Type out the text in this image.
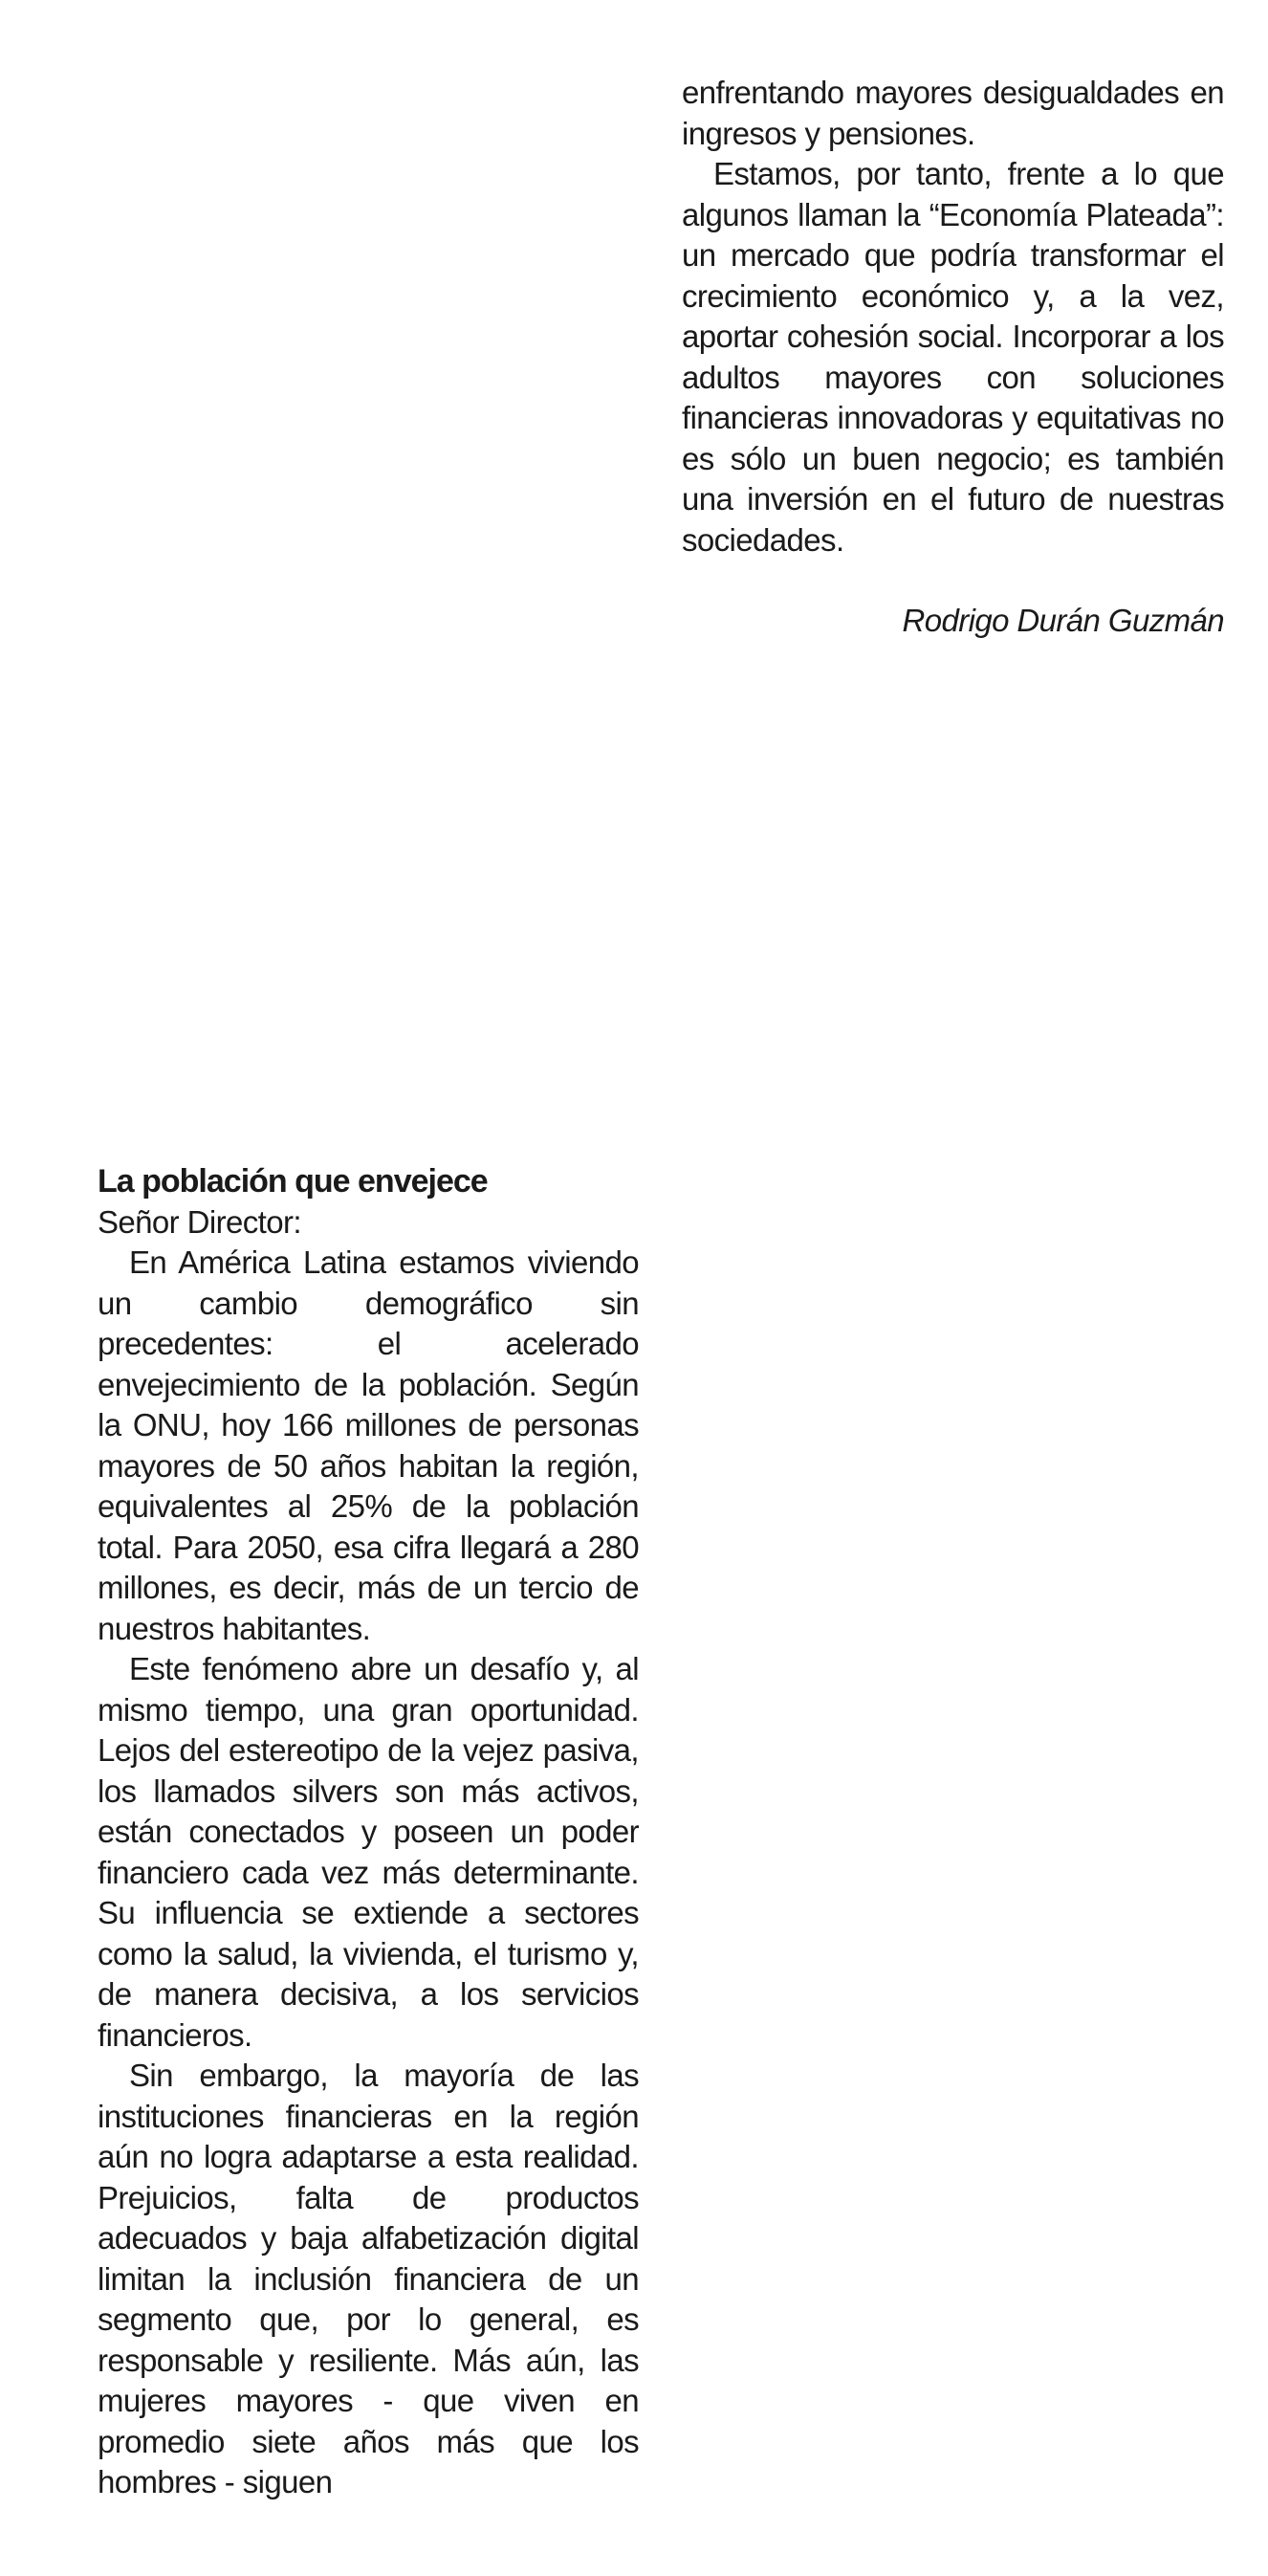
enfrentando mayores desigualdades en ingresos y pensiones.

Estamos, por tanto, frente a lo que algunos llaman la “Economía Plateada”: un mercado que podría transformar el crecimiento económico y, a la vez, aportar cohesión social. Incorporar a los adultos mayores con soluciones financieras innovadoras y equitativas no es sólo un buen negocio; es también una inversión en el futuro de nuestras sociedades.

Rodrigo Durán Guzmán

La población que envejece

Señor Director:

En América Latina estamos viviendo un cambio demográfico sin precedentes: el acelerado envejecimiento de la población. Según la ONU, hoy 166 millones de personas mayores de 50 años habitan la región, equivalentes al 25% de la población total. Para 2050, esa cifra llegará a 280 millones, es decir, más de un tercio de nuestros habitantes.

Este fenómeno abre un desafío y, al mismo tiempo, una gran oportunidad. Lejos del estereotipo de la vejez pasiva, los llamados silvers son más activos, están conectados y poseen un poder financiero cada vez más determinante. Su influencia se extiende a sectores como la salud, la vivienda, el turismo y, de manera decisiva, a los servicios financieros.

Sin embargo, la mayoría de las instituciones financieras en la región aún no logra adaptarse a esta realidad. Prejuicios, falta de productos adecuados y baja alfabetización digital limitan la inclusión financiera de un segmento que, por lo general, es responsable y resiliente. Más aún, las mujeres mayores - que viven en promedio siete años más que los hombres - siguen
